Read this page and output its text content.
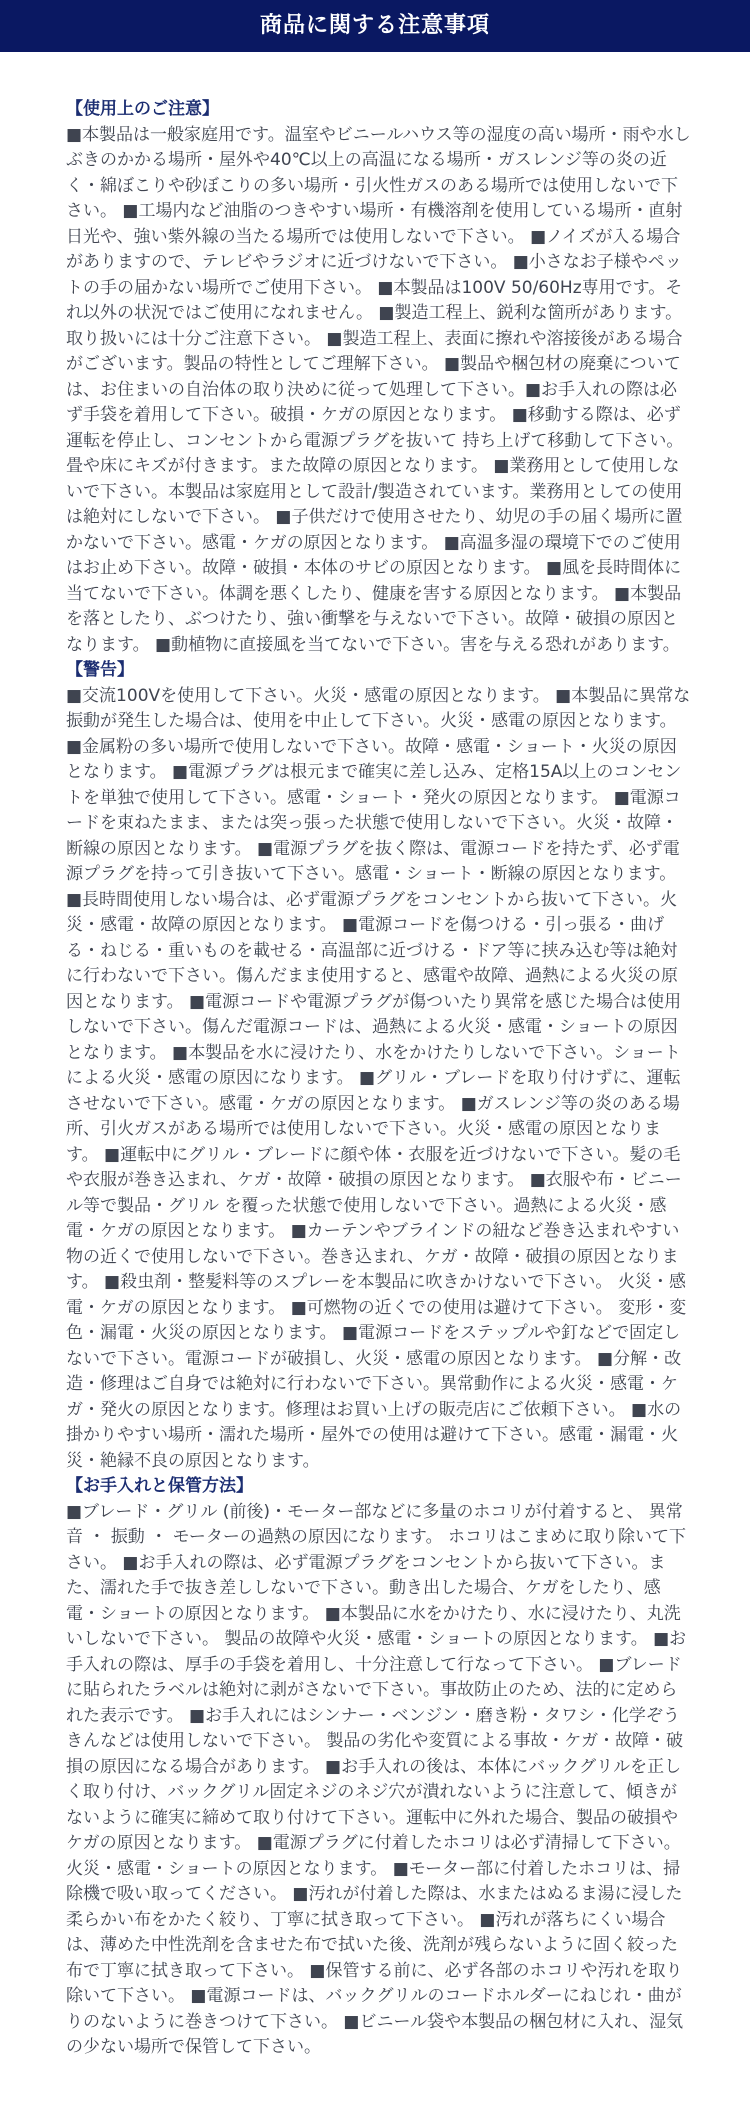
商品に関する注意事項
【使用上のご注意】

■本製品は一般家庭用です。温室やビニールハウス等の湿度の高い場所・雨や水しぶきのかかる場所・屋外や40℃以上の高温になる場所・ガスレンジ等の炎の近く・綿ぼこりや砂ぼこりの多い場所・引火性ガスのある場所では使用しないで下さい。 ■工場内など油脂のつきやすい場所・有機溶剤を使用している場所・直射日光や、強い紫外線の当たる場所では使用しないで下さい。 ■ノイズが入る場合がありますので、テレビやラジオに近づけないで下さい。 ■小さなお子様やペットの手の届かない場所でご使用下さい。 ■本製品は100V 50/60Hz専用です。それ以外の状況ではご使用になれません。 ■製造工程上、鋭利な箇所があります。取り扱いには十分ご注意下さい。 ■製造工程上、表面に擦れや溶接後がある場合がございます。製品の特性としてご理解下さい。 ■製品や梱包材の廃棄については、お住まいの自治体の取り決めに従って処理して下さい。■お手入れの際は必ず手袋を着用して下さい。破損・ケガの原因となります。 ■移動する際は、必ず運転を停止し、コンセントから電源プラグを抜いて 持ち上げて移動して下さい。畳や床にキズが付きます。また故障の原因となります。 ■業務用として使用しないで下さい。本製品は家庭用として設計/製造されています。業務用としての使用は絶対にしないで下さい。 ■子供だけで使用させたり、幼児の手の届く場所に置かないで下さい。感電・ケガの原因となります。 ■高温多湿の環境下でのご使用はお止め下さい。故障・破損・本体のサビの原因となります。 ■風を長時間体に当てないで下さい。体調を悪くしたり、健康を害する原因となります。 ■本製品を落としたり、ぶつけたり、強い衝撃を与えないで下さい。故障・破損の原因となります。 ■動植物に直接風を当てないで下さい。害を与える恐れがあります。

【警告】

■交流100Vを使用して下さい。火災・感電の原因となります。 ■本製品に異常な振動が発生した場合は、使用を中止して下さい。火災・感電の原因となります。 ■金属粉の多い場所で使用しないで下さい。故障・感電・ショート・火災の原因となります。 ■電源プラグは根元まで確実に差し込み、定格15A以上のコンセントを単独で使用して下さい。感電・ショート・発火の原因となります。 ■電源コードを束ねたまま、または突っ張った状態で使用しないで下さい。火災・故障・断線の原因となります。 ■電源プラグを抜く際は、電源コードを持たず、必ず電源プラグを持って引き抜いて下さい。感電・ショート・断線の原因となります。 ■長時間使用しない場合は、必ず電源プラグをコンセントから抜いて下さい。火災・感電・故障の原因となります。 ■電源コードを傷つける・引っ張る・曲げる・ねじる・重いものを載せる・高温部に近づける・ドア等に挟み込む等は絶対に行わないで下さい。傷んだまま使用すると、感電や故障、過熱による火災の原因となります。 ■電源コードや電源プラグが傷ついたり異常を感じた場合は使用しないで下さい。傷んだ電源コードは、過熱による火災・感電・ショートの原因となります。 ■本製品を水に浸けたり、水をかけたりしないで下さい。ショートによる火災・感電の原因になります。 ■グリル・ブレードを取り付けずに、運転させないで下さい。感電・ケガの原因となります。 ■ガスレンジ等の炎のある場所、引火ガスがある場所では使用しないで下さい。火災・感電の原因となります。 ■運転中にグリル・ブレードに顔や体・衣服を近づけないで下さい。髪の毛や衣服が巻き込まれ、ケガ・故障・破損の原因となります。 ■衣服や布・ビニール等で製品・グリル を覆った状態で使用しないで下さい。過熱による火災・感電・ケガの原因となります。 ■カーテンやブラインドの紐など巻き込まれやすい物の近くで使用しないで下さい。巻き込まれ、ケガ・故障・破損の原因となります。 ■殺虫剤・整髪料等のスプレーを本製品に吹きかけないで下さい。 火災・感電・ケガの原因となります。 ■可燃物の近くでの使用は避けて下さい。 変形・変色・漏電・火災の原因となります。 ■電源コードをステップルや釘などで固定しないで下さい。電源コードが破損し、火災・感電の原因となります。 ■分解・改造・修理はご自身では絶対に行わないで下さい。異常動作による火災・感電・ケガ・発火の原因となります。修理はお買い上げの販売店にご依頼下さい。 ■水の掛かりやすい場所・濡れた場所・屋外での使用は避けて下さい。感電・漏電・火災・絶縁不良の原因となります。

【お手入れと保管方法】

■ブレード・グリル (前後)・モーター部などに多量のホコリが付着すると、 異常音 ・ 振動 ・ モーターの過熱の原因になります。 ホコリはこまめに取り除いて下さい。 ■お手入れの際は、必ず電源プラグをコンセントから抜いて下さい。また、濡れた手で抜き差ししないで下さい。動き出した場合、ケガをしたり、感電・ショートの原因となります。 ■本製品に水をかけたり、水に浸けたり、丸洗いしないで下さい。 製品の故障や火災・感電・ショートの原因となります。 ■お手入れの際は、厚手の手袋を着用し、十分注意して行なって下さい。 ■ブレードに貼られたラベルは絶対に剥がさないで下さい。事故防止のため、法的に定められた表示です。 ■お手入れにはシンナー・ベンジン・磨き粉・タワシ・化学ぞうきんなどは使用しないで下さい。 製品の劣化や変質による事故・ケガ・故障・破損の原因になる場合があります。 ■お手入れの後は、本体にバックグリルを正しく取り付け、バックグリル固定ネジのネジ穴が潰れないように注意して、傾きがないように確実に締めて取り付けて下さい。運転中に外れた場合、製品の破損やケガの原因となります。 ■電源プラグに付着したホコリは必ず清掃して下さい。火災・感電・ショートの原因となります。 ■モーター部に付着したホコリは、掃除機で吸い取ってください。 ■汚れが付着した際は、水またはぬるま湯に浸した柔らかい布をかたく絞り、丁寧に拭き取って下さい。 ■汚れが落ちにくい場合は、薄めた中性洗剤を含ませた布で拭いた後、洗剤が残らないように固く絞った布で丁寧に拭き取って下さい。 ■保管する前に、必ず各部のホコリや汚れを取り除いて下さい。 ■電源コードは、バックグリルのコードホルダーにねじれ・曲がりのないように巻きつけて下さい。 ■ビニール袋や本製品の梱包材に入れ、湿気の少ない場所で保管して下さい。
